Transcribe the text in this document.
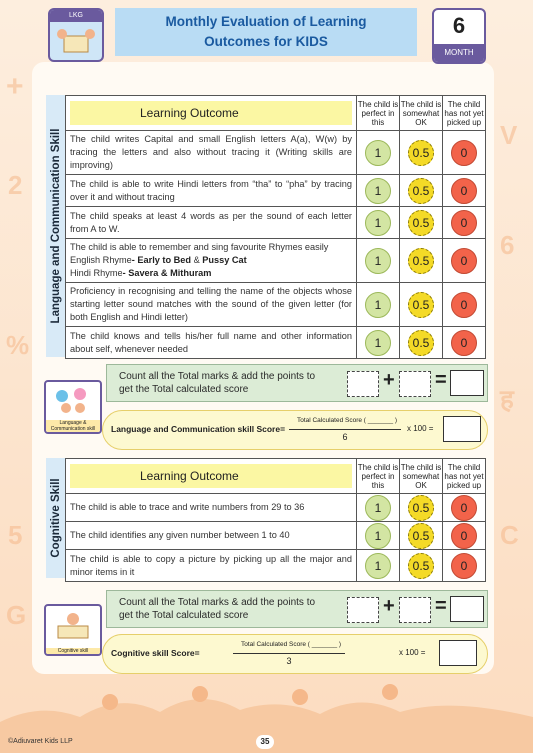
+
2
%
5
G
V
6
ह
C
LKG	Monthly Evaluation of Learning Outcomes for KIDS
6
MONTH
Language and Communication Skill
Learning Outcome	The child is perfect in this	The child is somewhat OK	The child has not yet picked up
The child writes Capital and small English letters A(a), W(w) by tracing the letters and also without tracing it (Writing skills are improving)	1	0.5	0
The child is able to write Hindi letters from “tha” to “pha” by tracing over it and without tracing	1	0.5	0
The child speaks at least 4 words as per the sound of each letter from A to W.	1	0.5	0
The child is able to remember and sing favourite Rhymes easily
English Rhyme- Early to Bed & Pussy Cat
Hindi Rhyme- Savera & Mithuram	1	0.5	0
Proficiency in recognising and telling the name of the objects whose starting letter sound matches with the sound of the given letter (for both English and Hindi letter)	1	0.5	0
The child knows and tells his/her full name and other information about self, whenever needed	1	0.5	0
Language & Communication skill
Count all the Total marks & add the points to get the Total calculated score	+ =
Language and Communication skill Score=
Total Calculated Score ( _______ )
6
x 100 =
Cognitive Skill
Learning Outcome	The child is perfect in this	The child is somewhat OK	The child has not yet picked up
The child is able to trace and write numbers from 29 to 36	1	0.5	0
The child identifies any given number between 1 to 40	1	0.5	0
The child is able to copy a picture by picking up all the major and minor items in it	1	0.5	0
Cognitive skill
Count all the Total marks & add the points to get the Total calculated score	+ =
Cognitive skill Score=
Total Calculated Score ( _______ )
3
x 100 =
©Adiuvaret Kids LLP	35
